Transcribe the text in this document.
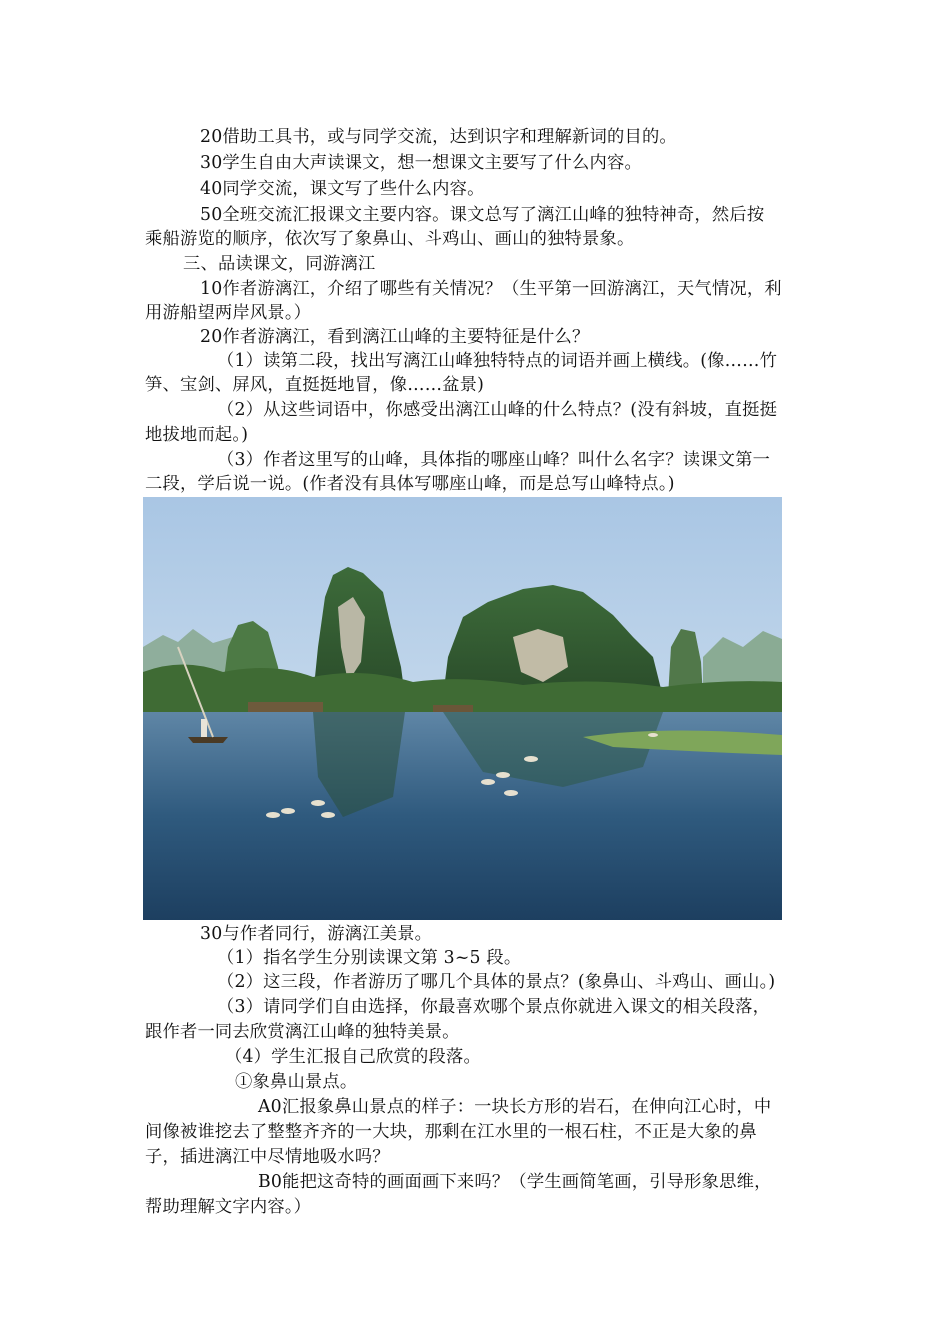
20借助工具书，或与同学交流，达到识字和理解新词的目的。
30学生自由大声读课文，想一想课文主要写了什么内容。
40同学交流，课文写了些什么内容。
50全班交流汇报课文主要内容。课文总写了漓江山峰的独特神奇，然后按
乘船游览的顺序，依次写了象鼻山、斗鸡山、画山的独特景象。
三、品读课文，同游漓江
10作者游漓江，介绍了哪些有关情况？（生平第一回游漓江，天气情况，利
用游船望两岸风景。）
20作者游漓江，看到漓江山峰的主要特征是什么？
（1）读第二段，找出写漓江山峰独特特点的词语并画上横线。(像……竹
笋、宝剑、屏风，直挺挺地冒，像……盆景)
（2）从这些词语中，你感受出漓江山峰的什么特点？(没有斜坡，直挺挺
地拔地而起。)
（3）作者这里写的山峰，具体指的哪座山峰？叫什么名字？读课文第一
二段，学后说一说。(作者没有具体写哪座山峰，而是总写山峰特点。)
30与作者同行，游漓江美景。
（1）指名学生分别读课文第 3~5 段。
（2）这三段，作者游历了哪几个具体的景点？(象鼻山、斗鸡山、画山。)
（3）请同学们自由选择，你最喜欢哪个景点你就进入课文的相关段落，
跟作者一同去欣赏漓江山峰的独特美景。
（4）学生汇报自己欣赏的段落。
①象鼻山景点。
A0汇报象鼻山景点的样子：一块长方形的岩石，在伸向江心时，中
间像被谁挖去了整整齐齐的一大块，那剩在江水里的一根石柱，不正是大象的鼻
子，插进漓江中尽情地吸水吗？
B0能把这奇特的画面画下来吗？（学生画简笔画，引导形象思维，
帮助理解文字内容。）
